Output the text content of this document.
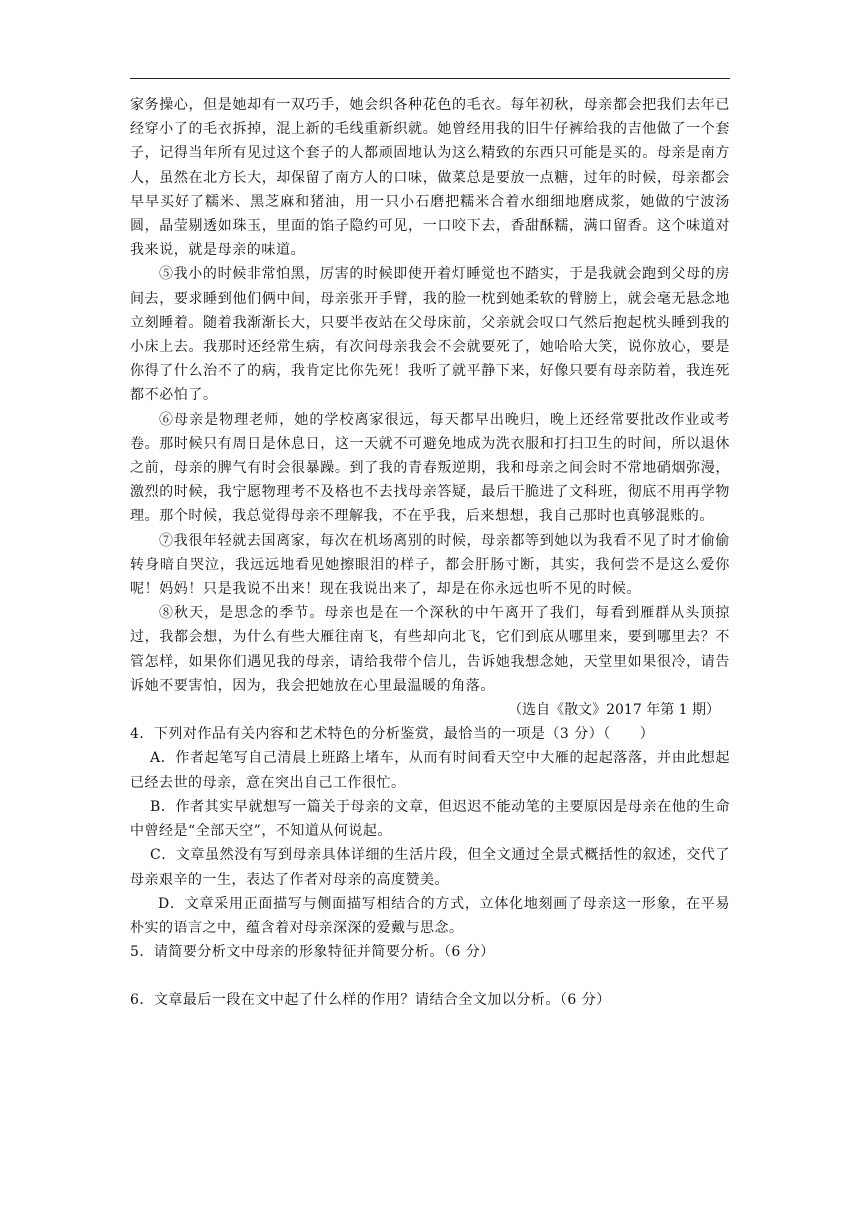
家务操心，但是她却有一双巧手，她会织各种花色的毛衣。每年初秋，母亲都会把我们去年已经穿小了的毛衣拆掉，混上新的毛线重新织就。她曾经用我的旧牛仔裤给我的吉他做了一个套子，记得当年所有见过这个套子的人都顽固地认为这么精致的东西只可能是买的。母亲是南方人，虽然在北方长大，却保留了南方人的口味，做菜总是要放一点糖，过年的时候，母亲都会早早买好了糯米、黑芝麻和猪油，用一只小石磨把糯米合着水细细地磨成浆，她做的宁波汤圆，晶莹剔透如珠玉，里面的馅子隐约可见，一口咬下去，香甜酥糯，满口留香。这个味道对我来说，就是母亲的味道。

⑤我小的时候非常怕黑，厉害的时候即使开着灯睡觉也不踏实，于是我就会跑到父母的房间去，要求睡到他们俩中间，母亲张开手臂，我的脸一枕到她柔软的臂膀上，就会毫无悬念地立刻睡着。随着我渐渐长大，只要半夜站在父母床前，父亲就会叹口气然后抱起枕头睡到我的小床上去。我那时还经常生病，有次问母亲我会不会就要死了，她哈哈大笑，说你放心，要是你得了什么治不了的病，我肯定比你先死！我听了就平静下来，好像只要有母亲防着，我连死都不必怕了。

⑥母亲是物理老师，她的学校离家很远，每天都早出晚归，晚上还经常要批改作业或考卷。那时候只有周日是休息日，这一天就不可避免地成为洗衣服和打扫卫生的时间，所以退休之前，母亲的脾气有时会很暴躁。到了我的青春叛逆期，我和母亲之间会时不常地硝烟弥漫，激烈的时候，我宁愿物理考不及格也不去找母亲答疑，最后干脆进了文科班，彻底不用再学物理。那个时候，我总觉得母亲不理解我，不在乎我，后来想想，我自己那时也真够混账的。

⑦我很年轻就去国离家，每次在机场离别的时候，母亲都等到她以为我看不见了时才偷偷转身暗自哭泣，我远远地看见她擦眼泪的样子，都会肝肠寸断，其实，我何尝不是这么爱你呢！妈妈！只是我说不出来！现在我说出来了，却是在你永远也听不见的时候。

⑧秋天，是思念的季节。母亲也是在一个深秋的中午离开了我们，每看到雁群从头顶掠过，我都会想，为什么有些大雁往南飞，有些却向北飞，它们到底从哪里来，要到哪里去？不管怎样，如果你们遇见我的母亲，请给我带个信儿，告诉她我想念她，天堂里如果很冷，请告诉她不要害怕，因为，我会把她放在心里最温暖的角落。

（选自《散文》2017 年第 1 期）

4．下列对作品有关内容和艺术特色的分析鉴赏，最恰当的一项是（3 分）（　　）

A．作者起笔写自己清晨上班路上堵车，从而有时间看天空中大雁的起起落落，并由此想起已经去世的母亲，意在突出自己工作很忙。

B．作者其实早就想写一篇关于母亲的文章，但迟迟不能动笔的主要原因是母亲在他的生命中曾经是“全部天空”，不知道从何说起。

C．文章虽然没有写到母亲具体详细的生活片段，但全文通过全景式概括性的叙述，交代了母亲艰辛的一生，表达了作者对母亲的高度赞美。

D．文章采用正面描写与侧面描写相结合的方式，立体化地刻画了母亲这一形象，在平易朴实的语言之中，蕴含着对母亲深深的爱戴与思念。

5．请简要分析文中母亲的形象特征并简要分析。（6 分）

6．文章最后一段在文中起了什么样的作用？请结合全文加以分析。（6 分）
